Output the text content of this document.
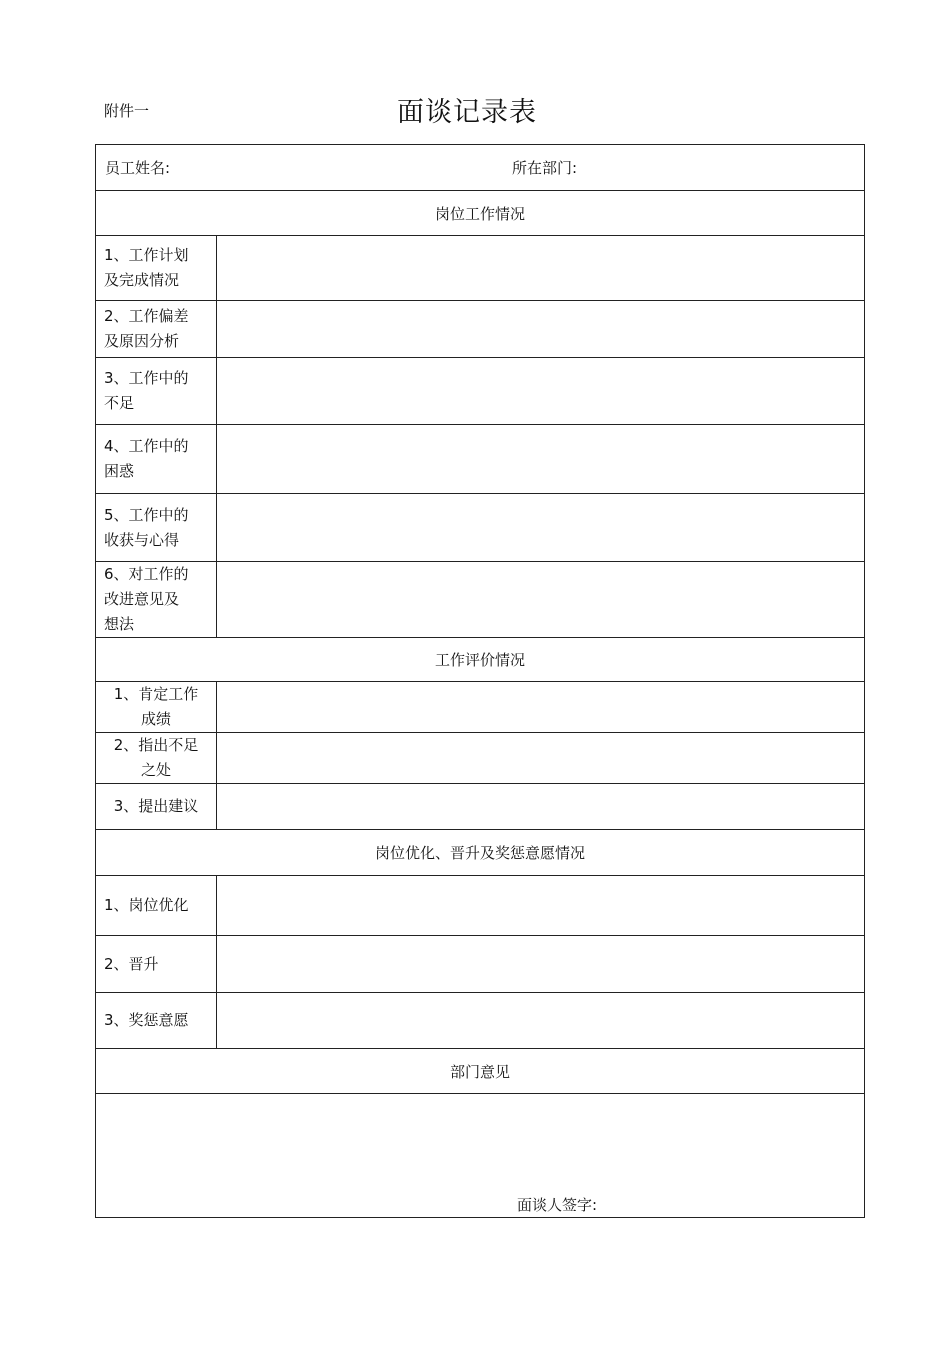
附件一	面谈记录表
员工姓名: 所在部门:	

岗位工作情况	

1、工作计划
及完成情况	

2、工作偏差
及原因分析	

3、工作中的
不足	

4、工作中的
困惑	

5、工作中的
收获与心得	

6、对工作的
改进意见及
想法	

工作评价情况	

1、肯定工作
成绩	

2、指出不足
之处	

3、提出建议	

岗位优化、晋升及奖惩意愿情况	
1、岗位优化	
2、晋升	
3、奖惩意愿	
部门意见	

面谈人签字:	
